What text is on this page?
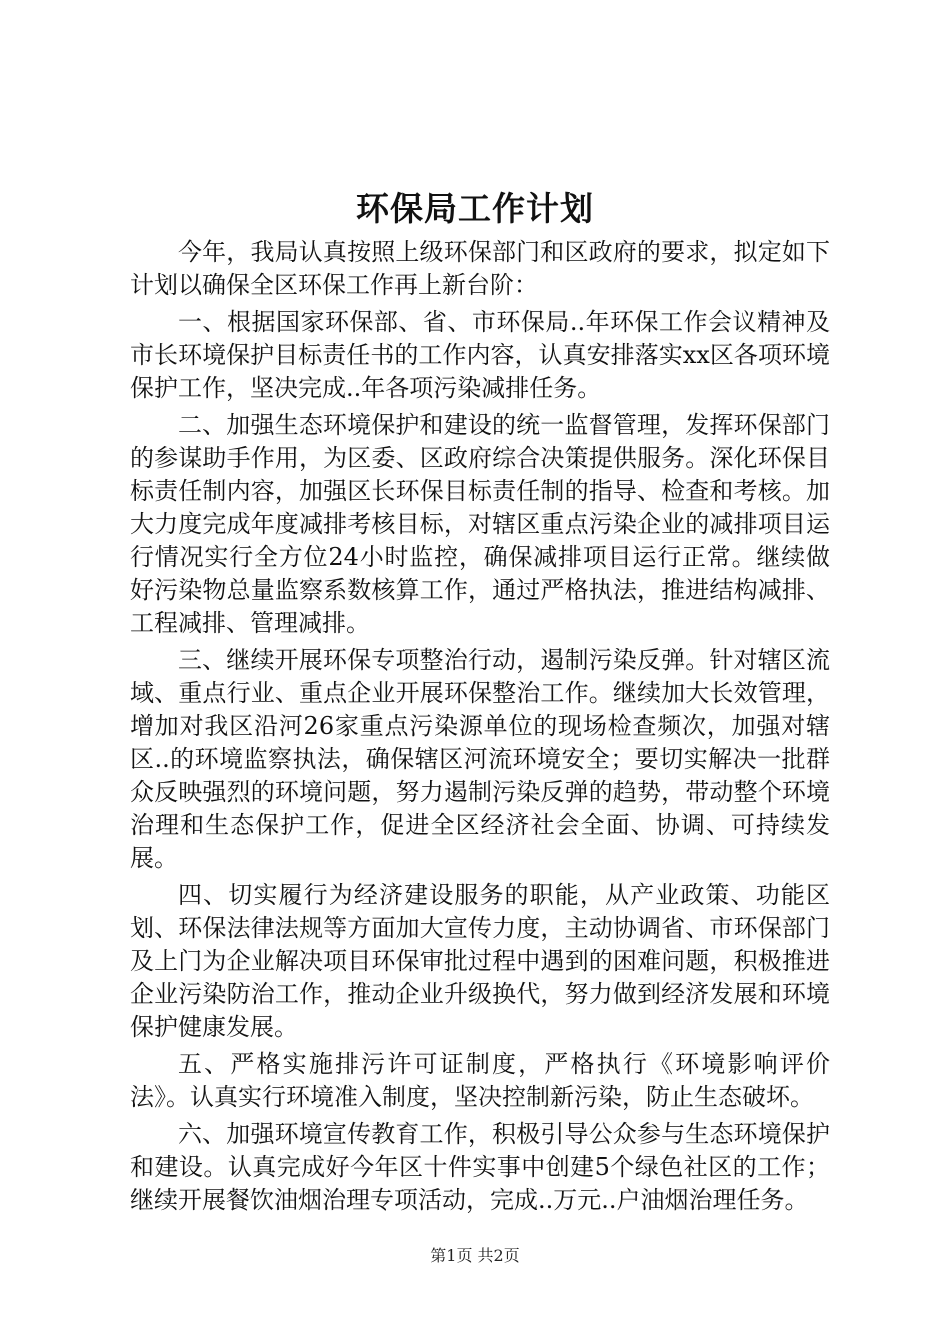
环保局工作计划

今年，我局认真按照上级环保部门和区政府的要求，拟定如下计划以确保全区环保工作再上新台阶：

一、根据国家环保部、省、市环保局..年环保工作会议精神及市长环境保护目标责任书的工作内容，认真安排落实xx区各项环境保护工作，坚决完成..年各项污染减排任务。

二、加强生态环境保护和建设的统一监督管理，发挥环保部门的参谋助手作用，为区委、区政府综合决策提供服务。深化环保目标责任制内容，加强区长环保目标责任制的指导、检查和考核。加大力度完成年度减排考核目标，对辖区重点污染企业的减排项目运行情况实行全方位24小时监控，确保减排项目运行正常。继续做好污染物总量监察系数核算工作，通过严格执法，推进结构减排、工程减排、管理减排。

三、继续开展环保专项整治行动，遏制污染反弹。针对辖区流域、重点行业、重点企业开展环保整治工作。继续加大长效管理，增加对我区沿河26家重点污染源单位的现场检查频次，加强对辖区..的环境监察执法，确保辖区河流环境安全；要切实解决一批群众反映强烈的环境问题，努力遏制污染反弹的趋势，带动整个环境治理和生态保护工作，促进全区经济社会全面、协调、可持续发展。

四、切实履行为经济建设服务的职能，从产业政策、功能区划、环保法律法规等方面加大宣传力度，主动协调省、市环保部门及上门为企业解决项目环保审批过程中遇到的困难问题，积极推进企业污染防治工作，推动企业升级换代，努力做到经济发展和环境保护健康发展。

五、严格实施排污许可证制度，严格执行《环境影响评价法》。认真实行环境准入制度，坚决控制新污染，防止生态破坏。

六、加强环境宣传教育工作，积极引导公众参与生态环境保护和建设。认真完成好今年区十件实事中创建5个绿色社区的工作；继续开展餐饮油烟治理专项活动，完成..万元..户油烟治理任务。

第1页 共2页
